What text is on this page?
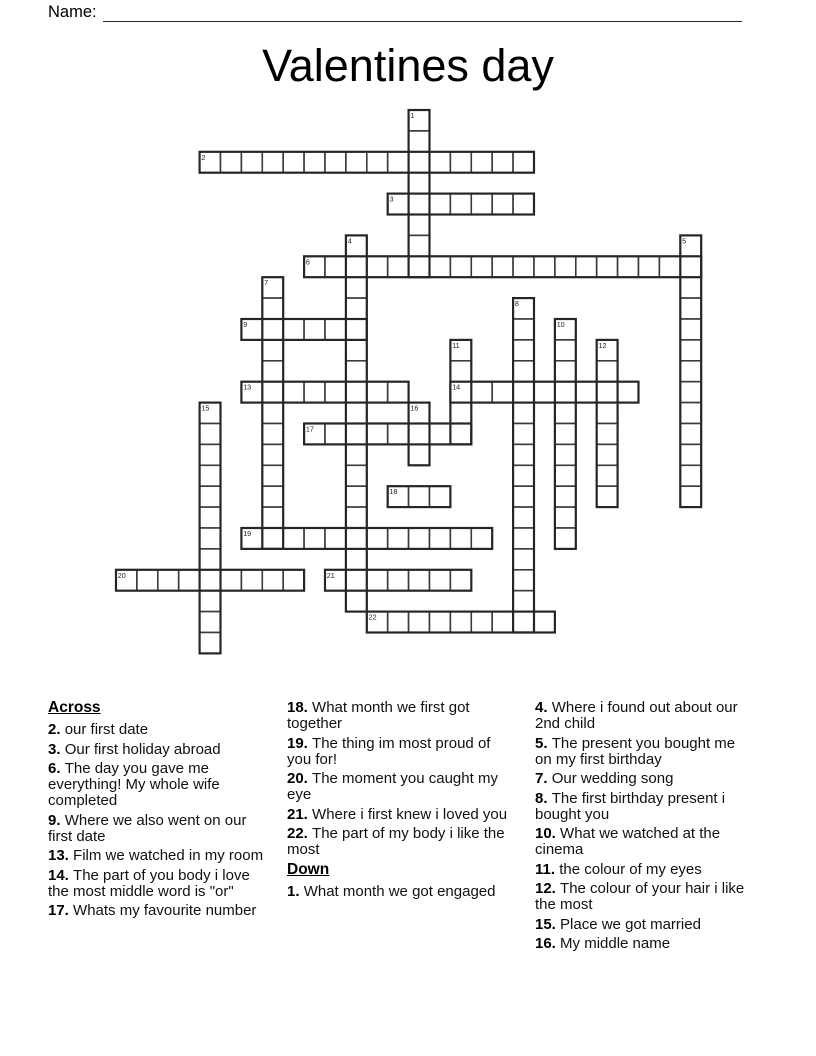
Name:
Valentines day
1
2
3
4	5
6
7
8
9	10
11	12
13	14
15	16
17
18
19
20	21
22
Across
2. our first date
3. Our first holiday abroad
6. The day you gave me everything! My whole wife completed
9. Where we also went on our first date
13. Film we watched in my room
14. The part of you body i love the most middle word is "or"
17. Whats my favourite number
18. What month we first got together
19. The thing im most proud of you for!
20. The moment you caught my eye
21. Where i first knew i loved you
22. The part of my body i like the most
Down
1. What month we got engaged
4. Where i found out about our 2nd child
5. The present you bought me on my first birthday
7. Our wedding song
8. The first birthday present i bought you
10. What we watched at the cinema
11. the colour of my eyes
12. The colour of your hair i like the most
15. Place we got married
16. My middle name
